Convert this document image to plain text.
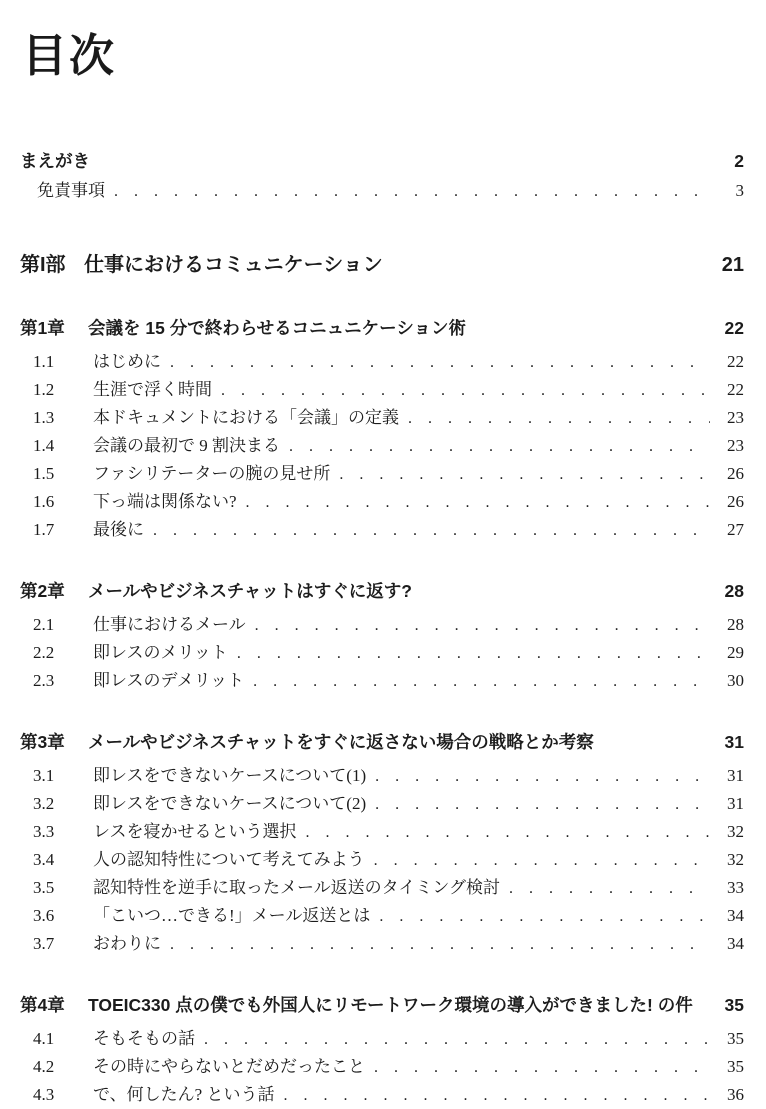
目次
まえがき	2
免責事項 . . .	3
第I部 仕事におけるコミュニケーション	21
第1章	会議を 15 分で終わらせるコニュニケーション術	22
1.1	はじめに . . .	22
1.2	生涯で浮く時間 . . .	22
1.3	本ドキュメントにおける「会議」の定義 . . .	23
1.4	会議の最初で 9 割決まる . . .	23
1.5	ファシリテーターの腕の見せ所 . . .	26
1.6	下っ端は関係ない? . . .	26
1.7	最後に . . .	27
第2章	メールやビジネスチャットはすぐに返す?	28
2.1	仕事におけるメール . . .	28
2.2	即レスのメリット . . .	29
2.3	即レスのデメリット . . .	30
第3章	メールやビジネスチャットをすぐに返さない場合の戦略とか考察	31
3.1	即レスをできないケースについて(1) . . .	31
3.2	即レスをできないケースについて(2) . . .	31
3.3	レスを寝かせるという選択 . . .	32
3.4	人の認知特性について考えてみよう . . .	32
3.5	認知特性を逆手に取ったメール返送のタイミング検討 . . .	33
3.6	「こいつ…できる!」メール返送とは . . .	34
3.7	おわりに . . .	34
第4章	TOEIC330 点の僕でも外国人にリモートワーク環境の導入ができました! の件 35
4.1	そもそもの話 . . .	35
4.2	その時にやらないとだめだったこと . . .	35
4.3	で、何したん? という話 . . .	36
